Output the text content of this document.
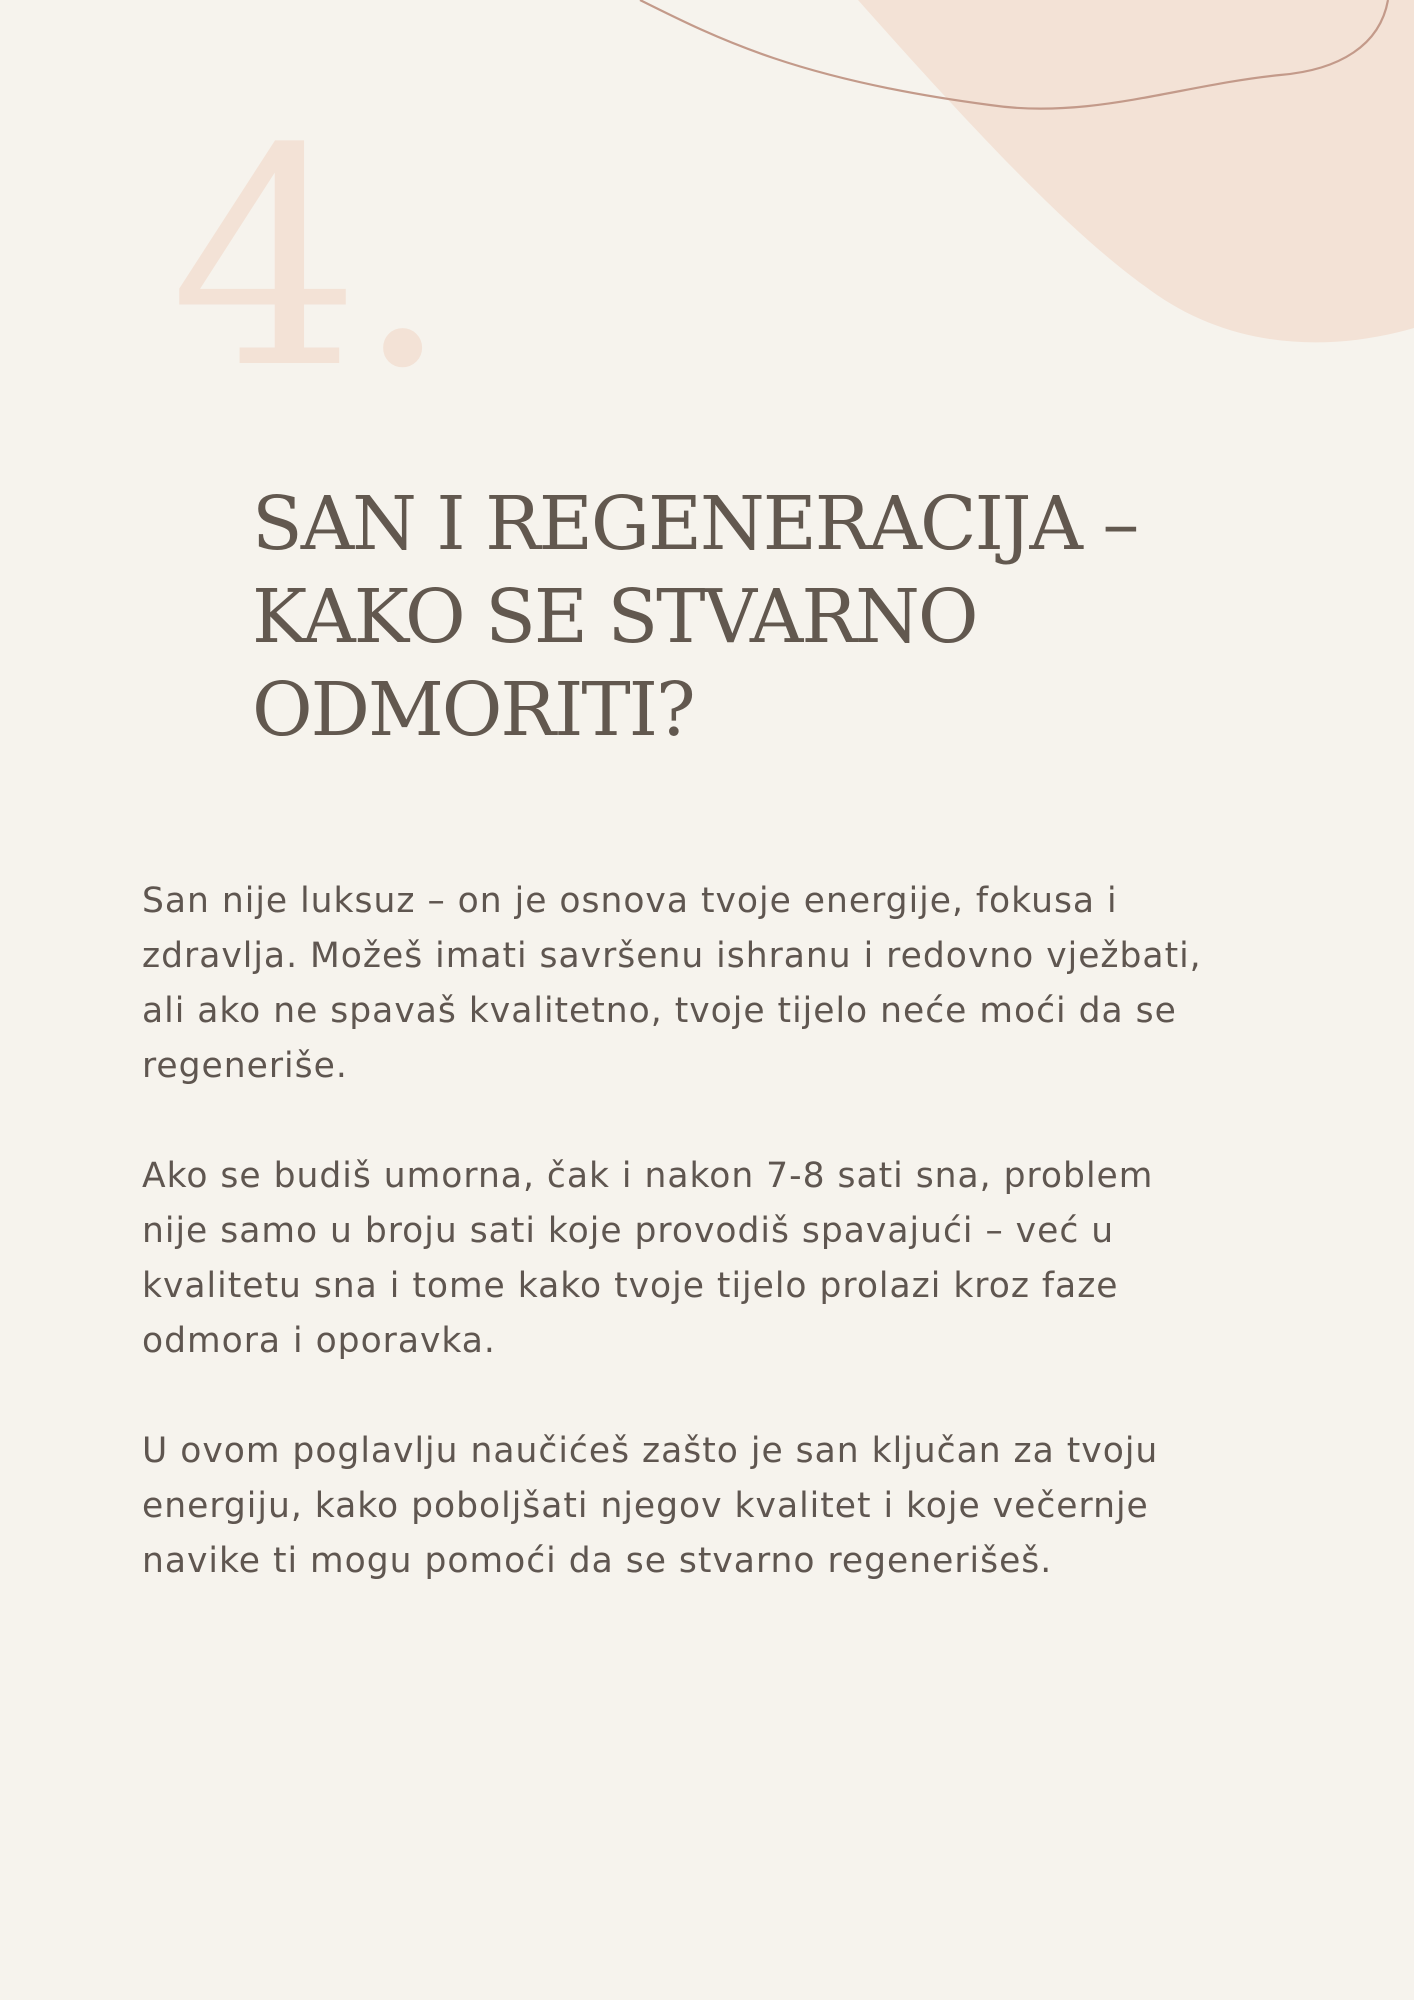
4.
SAN I REGENERACIJA –
KAKO SE STVARNO
ODMORITI?

San nije luksuz – on je osnova tvoje energije, fokusa i
zdravlja. Možeš imati savršenu ishranu i redovno vježbati,
ali ako ne spavaš kvalitetno, tvoje tijelo neće moći da se
regeneriše.

Ako se budiš umorna, čak i nakon 7-8 sati sna, problem
nije samo u broju sati koje provodiš spavajući – već u
kvalitetu sna i tome kako tvoje tijelo prolazi kroz faze
odmora i oporavka.

U ovom poglavlju naučićeš zašto je san ključan za tvoju
energiju, kako poboljšati njegov kvalitet i koje večernje
navike ti mogu pomoći da se stvarno regenerišeš.
